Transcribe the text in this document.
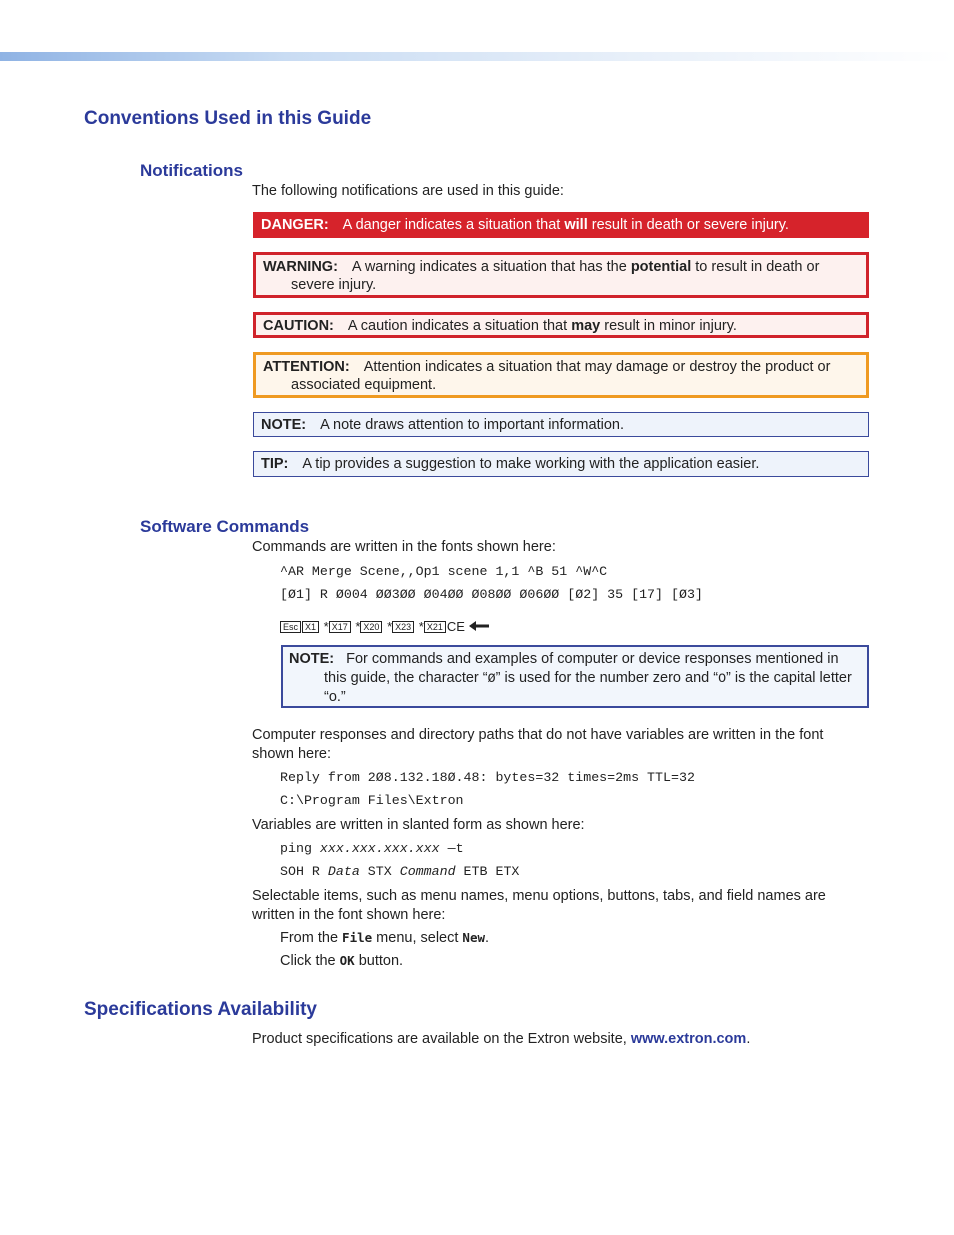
Conventions Used in this Guide
Notifications

The following notifications are used in this guide:

DANGER: A danger indicates a situation that will result in death or severe injury.
WARNING: A warning indicates a situation that has the potential to result in death or severe injury.
CAUTION: A caution indicates a situation that may result in minor injury.
ATTENTION: Attention indicates a situation that may damage or destroy the product or associated equipment.
NOTE: A note draws attention to important information.
TIP: A tip provides a suggestion to make working with the application easier.
Software Commands

Commands are written in the fonts shown here:

^AR Merge Scene,,Op1 scene 1,1 ^B 51 ^W^C

[Ø1] R Ø004 ØØ3ØØ Ø04ØØ Ø08ØØ Ø06ØØ [Ø2] 35 [17] [Ø3]

Esc X1 * X17 * X20 * X23 * X21 CE

NOTE: For commands and examples of computer or device responses mentioned in this guide, the character “Ø” is used for the number zero and “O” is the capital letter “o.”

Computer responses and directory paths that do not have variables are written in the font shown here:

Reply from 2Ø8.132.18Ø.48: bytes=32 times=2ms TTL=32

C:\Program Files\Extron

Variables are written in slanted form as shown here:

ping xxx.xxx.xxx.xxx —t

SOH R Data STX Command ETB ETX

Selectable items, such as menu names, menu options, buttons, tabs, and field names are written in the font shown here:

From the File menu, select New.

Click the OK button.

Specifications Availability

Product specifications are available on the Extron website, www.extron.com.
